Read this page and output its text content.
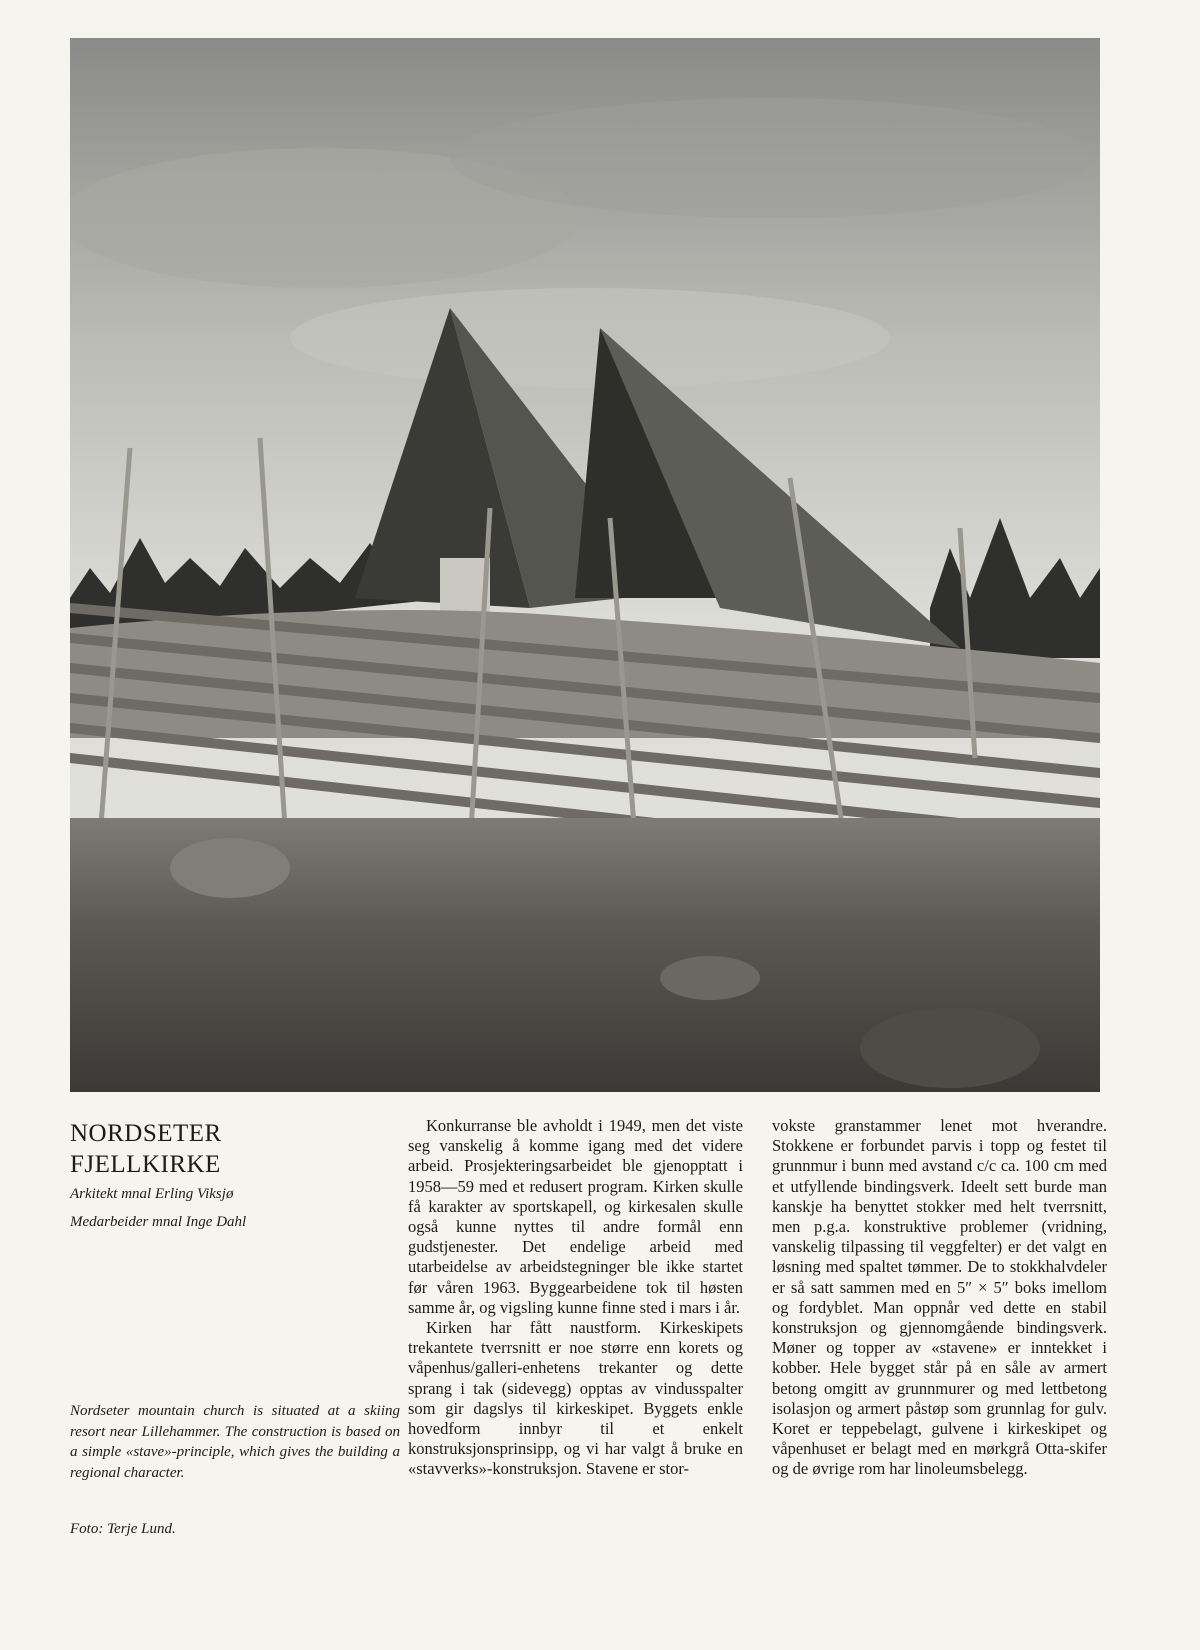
NORDSETER
FJELLKIRKE
Arkitekt mnal Erling Viksjø
Medarbeider mnal Inge Dahl
Nordseter mountain church is situated at a skiing resort near Lillehammer. The construction is based on a simple «stave»-principle, which gives the building a regional character.
Foto: Terje Lund.

Konkurranse ble avholdt i 1949, men det viste seg vanskelig å komme igang med det videre arbeid. Prosjekteringsarbeidet ble gjenopptatt i 1958—59 med et redusert program. Kirken skulle få karakter av sportskapell, og kirkesalen skulle også kunne nyttes til andre formål enn gudstjenester. Det endelige arbeid med utarbeidelse av arbeidstegninger ble ikke startet før våren 1963. Byggearbeidene tok til høsten samme år, og vigsling kunne finne sted i mars i år.

Kirken har fått naustform. Kirkeskipets trekantete tverrsnitt er noe større enn korets og våpenhus/galleri-enhetens trekanter og dette sprang i tak (sidevegg) opptas av vindusspalter som gir dagslys til kirkeskipet. Byggets enkle hovedform innbyr til et enkelt konstruksjonsprinsipp, og vi har valgt å bruke en «stavverks»-konstruksjon. Stavene er stor-

vokste granstammer lenet mot hverandre. Stokkene er forbundet parvis i topp og festet til grunnmur i bunn med avstand c/c ca. 100 cm med et utfyllende bindingsverk. Ideelt sett burde man kanskje ha benyttet stokker med helt tverrsnitt, men p.g.a. konstruktive problemer (vridning, vanskelig tilpassing til veggfelter) er det valgt en løsning med spaltet tømmer. De to stokkhalvdeler er så satt sammen med en 5″ × 5″ boks imellom og fordyblet. Man oppnår ved dette en stabil konstruksjon og gjennomgående bindingsverk. Møner og topper av «stavene» er inntekket i kobber. Hele bygget står på en såle av armert betong omgitt av grunnmurer og med lettbetong isolasjon og armert påstøp som grunnlag for gulv. Koret er teppebelagt, gulvene i kirkeskipet og våpenhuset er belagt med en mørkgrå Otta-skifer og de øvrige rom har linoleumsbelegg.
